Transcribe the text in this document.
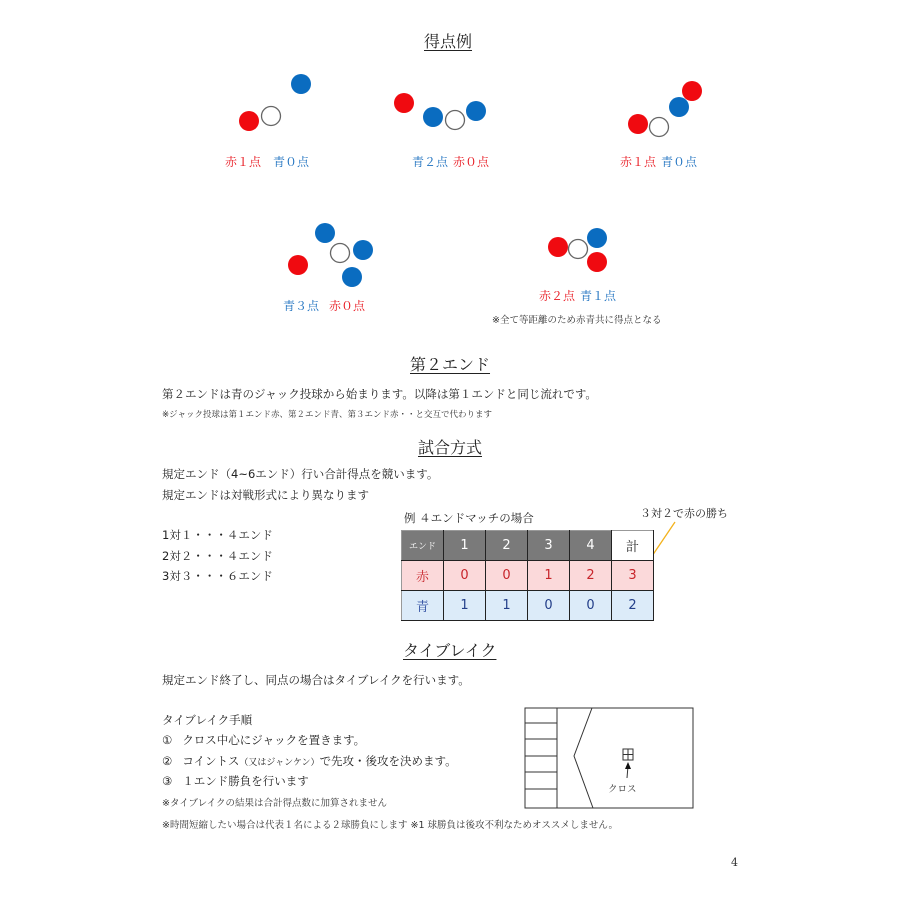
得点例
赤１点 青０点	青２点 赤０点	赤１点 青０点
青３点 赤０点
赤２点 青１点
※全て等距離のため赤青共に得点となる
第２エンド
第２エンドは青のジャック投球から始まります。以降は第１エンドと同じ流れです。
※ジャック投球は第１エンド赤、第２エンド青、第３エンド赤・・と交互で代わります
試合方式
規定エンド（4~6エンド）行い合計得点を競います。
規定エンドは対戦形式により異なります
1対１・・・４エンド
2対２・・・４エンド
3対３・・・６エンド
例 ４エンドマッチの場合	３対２で赤の勝ち
エンド	1	2	3	4	計
赤	0	0	1	2	3
青	1	1	0	0	2
タイブレイク
規定エンド終了し、同点の場合はタイブレイクを行います。
タイブレイク手順
① クロス中心にジャックを置きます。
② コイントス（又はジャンケン）で先攻・後攻を決めます。
③ １エンド勝負を行います
※タイブレイクの結果は合計得点数に加算されません
クロス
※時間短縮したい場合は代表１名による２球勝負にします ※1 球勝負は後攻不利なためオススメしません。
4
